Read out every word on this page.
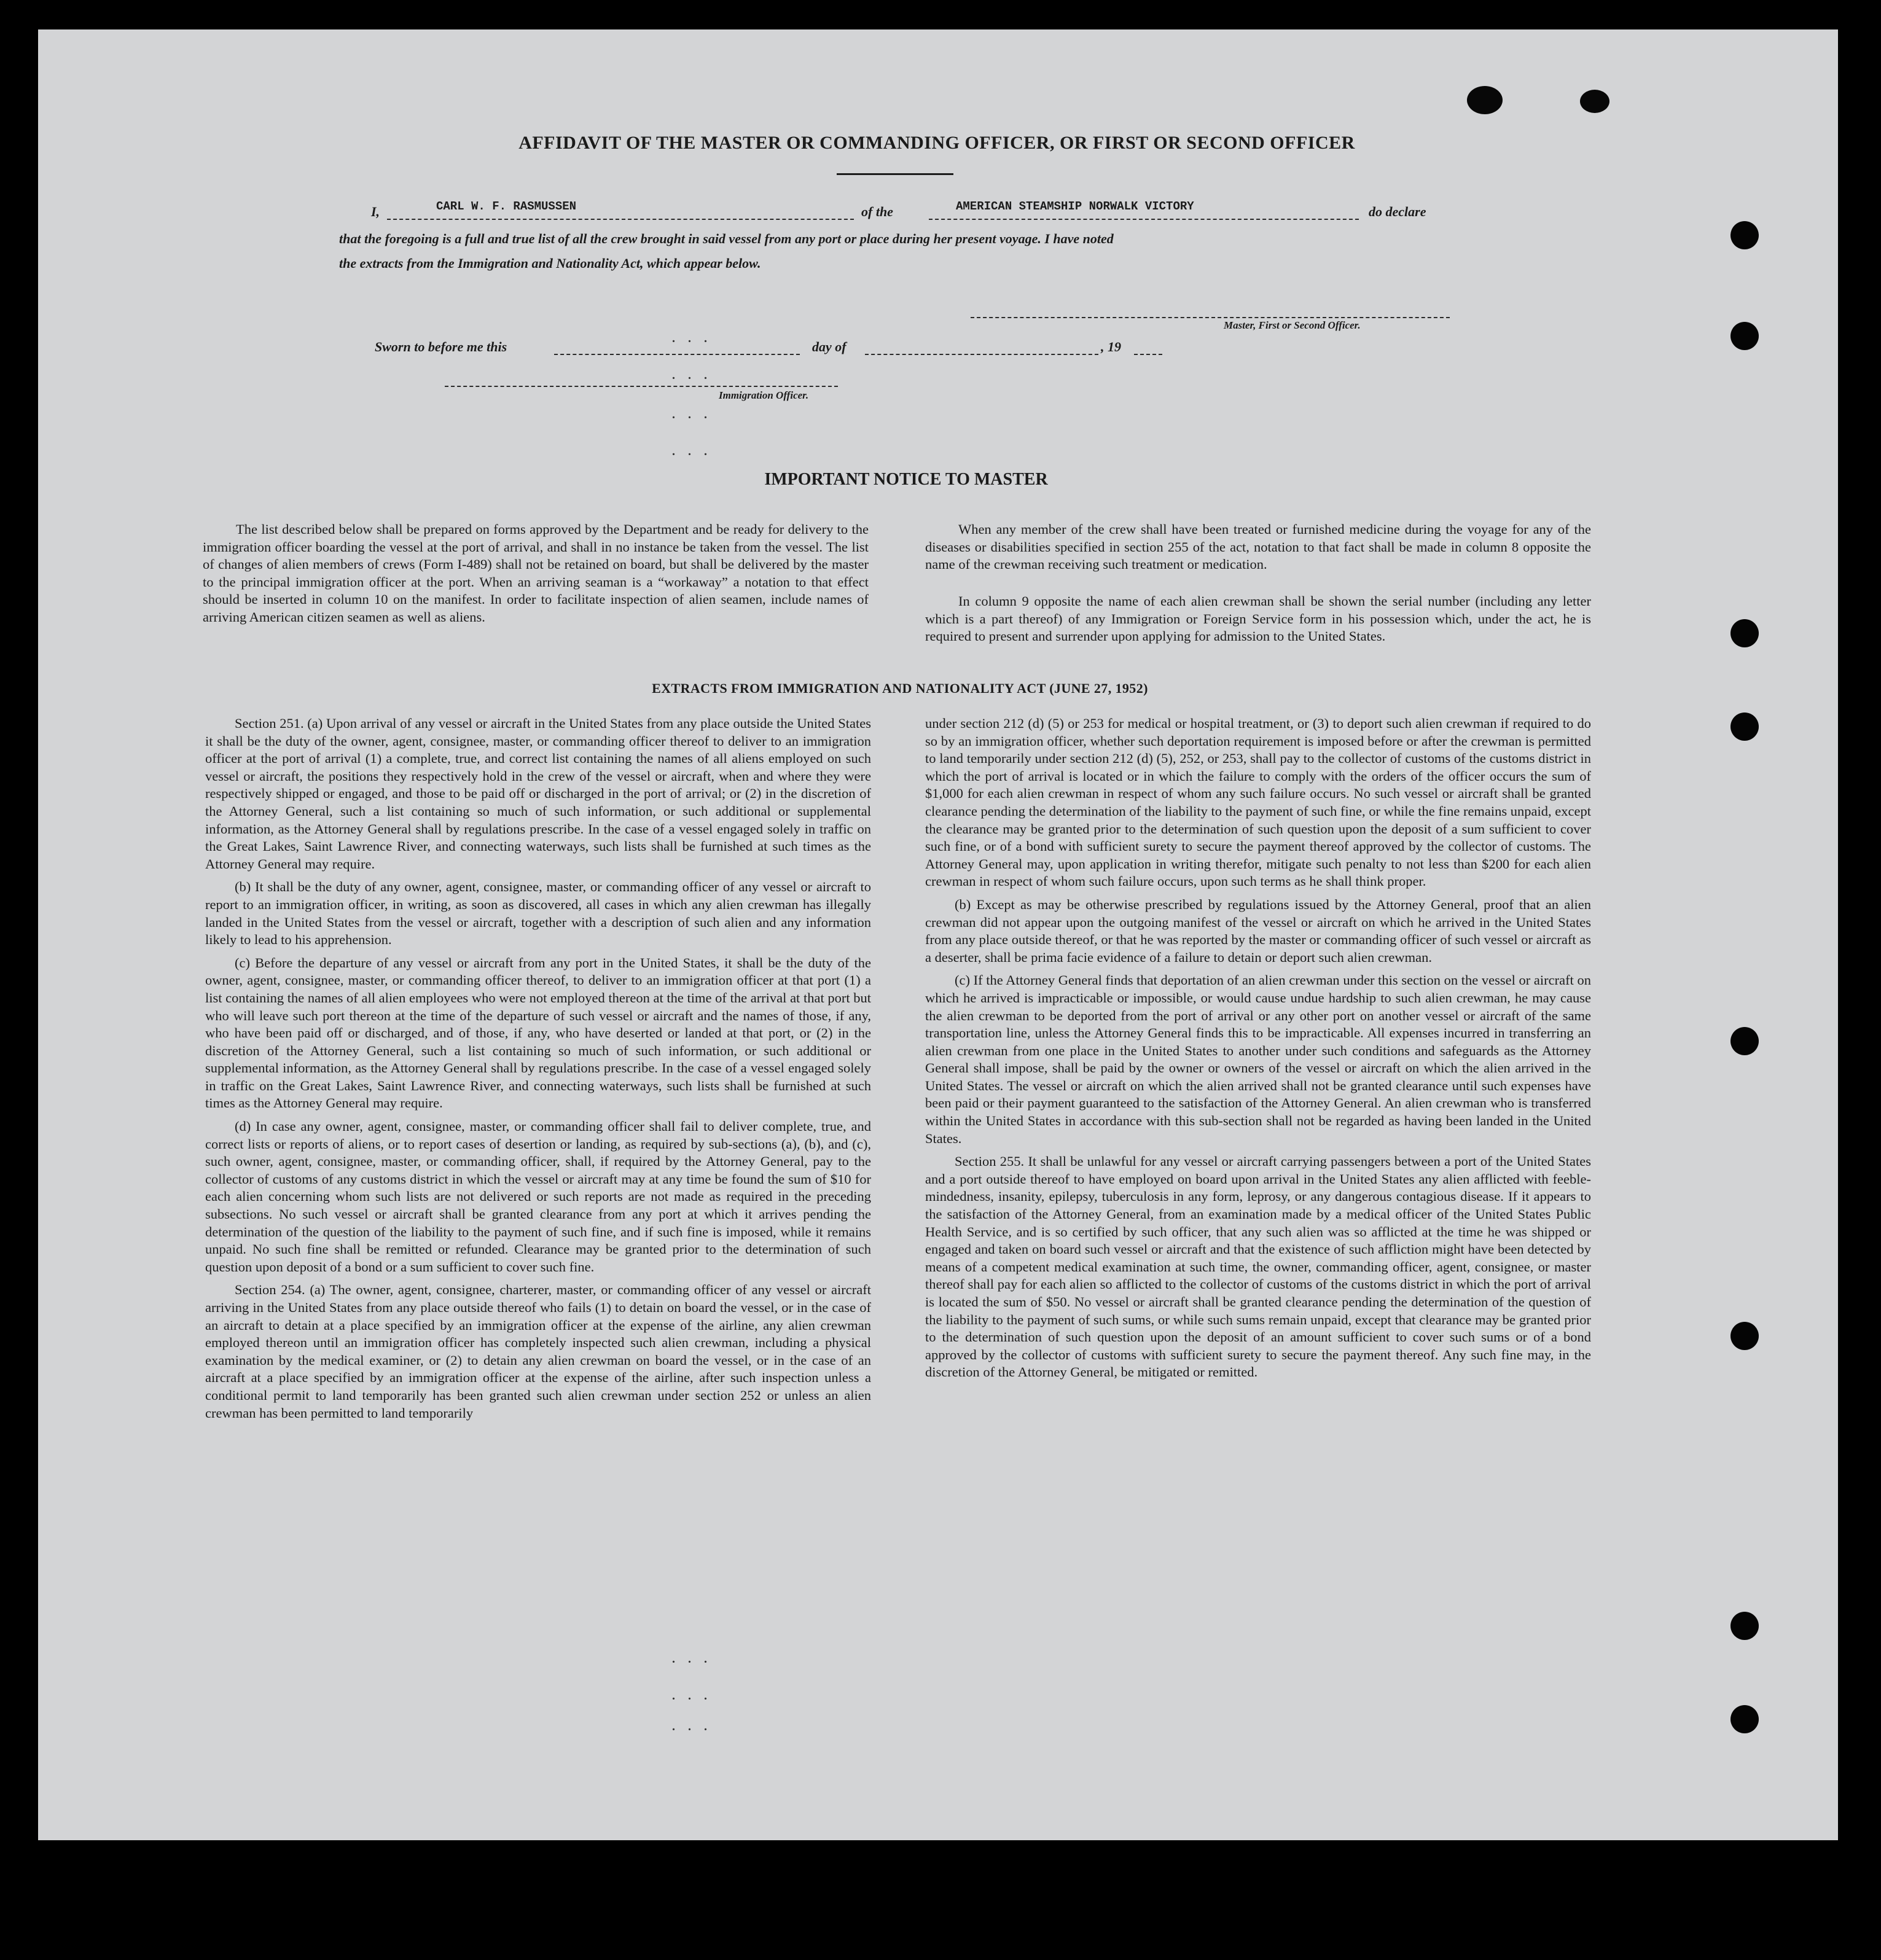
AFFIDAVIT OF THE MASTER OR COMMANDING OFFICER, OR FIRST OR SECOND OFFICER
I,	CARL W. F. RASMUSSEN	of the	AMERICAN STEAMSHIP NORWALK VICTORY	do declare
that the foregoing is a full and true list of all the crew brought in said vessel from any port or place during her present voyage. I have noted
the extracts from the Immigration and Nationality Act, which appear below.
Master, First or Second Officer.
Sworn to before me this	day of	, 19
Immigration Officer.
. . .
. . .
. . .
. . .
. . .
. . .
. . .
IMPORTANT NOTICE TO MASTER

The list described below shall be prepared on forms approved by the Department and be ready for delivery to the immigration officer boarding the vessel at the port of arrival, and shall in no instance be taken from the vessel. The list of changes of alien members of crews (Form I-489) shall not be retained on board, but shall be delivered by the master to the principal immigration officer at the port. When an arriving seaman is a “workaway” a notation to that effect should be inserted in column 10 on the manifest. In order to facilitate inspection of alien seamen, include names of arriving American citizen seamen as well as aliens.

When any member of the crew shall have been treated or furnished medicine during the voyage for any of the diseases or disabilities specified in section 255 of the act, notation to that fact shall be made in column 8 opposite the name of the crewman receiving such treatment or medication.

In column 9 opposite the name of each alien crewman shall be shown the serial number (including any letter which is a part thereof) of any Immigration or Foreign Service form in his possession which, under the act, he is required to present and surrender upon applying for admission to the United States.

EXTRACTS FROM IMMIGRATION AND NATIONALITY ACT (JUNE 27, 1952)

Section 251. (a) Upon arrival of any vessel or aircraft in the United States from any place outside the United States it shall be the duty of the owner, agent, consignee, master, or commanding officer thereof to deliver to an immigration officer at the port of arrival (1) a complete, true, and correct list containing the names of all aliens employed on such vessel or aircraft, the positions they respectively hold in the crew of the vessel or aircraft, when and where they were respectively shipped or engaged, and those to be paid off or discharged in the port of arrival; or (2) in the discretion of the Attorney General, such a list containing so much of such information, or such additional or supplemental information, as the Attorney General shall by regulations prescribe. In the case of a vessel engaged solely in traffic on the Great Lakes, Saint Lawrence River, and connecting waterways, such lists shall be furnished at such times as the Attorney General may require.

(b) It shall be the duty of any owner, agent, consignee, master, or commanding officer of any vessel or aircraft to report to an immigration officer, in writing, as soon as discovered, all cases in which any alien crewman has illegally landed in the United States from the vessel or aircraft, together with a description of such alien and any information likely to lead to his apprehension.

(c) Before the departure of any vessel or aircraft from any port in the United States, it shall be the duty of the owner, agent, consignee, master, or commanding officer thereof, to deliver to an immigration officer at that port (1) a list containing the names of all alien employees who were not employed thereon at the time of the arrival at that port but who will leave such port thereon at the time of the departure of such vessel or aircraft and the names of those, if any, who have been paid off or discharged, and of those, if any, who have deserted or landed at that port, or (2) in the discretion of the Attorney General, such a list containing so much of such information, or such additional or supplemental information, as the Attorney General shall by regulations prescribe. In the case of a vessel engaged solely in traffic on the Great Lakes, Saint Lawrence River, and connecting waterways, such lists shall be furnished at such times as the Attorney General may require.

(d) In case any owner, agent, consignee, master, or commanding officer shall fail to deliver complete, true, and correct lists or reports of aliens, or to report cases of desertion or landing, as required by sub-sections (a), (b), and (c), such owner, agent, consignee, master, or commanding officer, shall, if required by the Attorney General, pay to the collector of customs of any customs district in which the vessel or aircraft may at any time be found the sum of $10 for each alien concerning whom such lists are not delivered or such reports are not made as required in the preceding subsections. No such vessel or aircraft shall be granted clearance from any port at which it arrives pending the determination of the question of the liability to the payment of such fine, and if such fine is imposed, while it remains unpaid. No such fine shall be remitted or refunded. Clearance may be granted prior to the determination of such question upon deposit of a bond or a sum sufficient to cover such fine.

Section 254. (a) The owner, agent, consignee, charterer, master, or commanding officer of any vessel or aircraft arriving in the United States from any place outside thereof who fails (1) to detain on board the vessel, or in the case of an aircraft to detain at a place specified by an immigration officer at the expense of the airline, any alien crewman employed thereon until an immigration officer has completely inspected such alien crewman, including a physical examination by the medical examiner, or (2) to detain any alien crewman on board the vessel, or in the case of an aircraft at a place specified by an immigration officer at the expense of the airline, after such inspection unless a conditional permit to land temporarily has been granted such alien crewman under section 252 or unless an alien crewman has been permitted to land temporarily

under section 212 (d) (5) or 253 for medical or hospital treatment, or (3) to deport such alien crewman if required to do so by an immigration officer, whether such deportation requirement is imposed before or after the crewman is permitted to land temporarily under section 212 (d) (5), 252, or 253, shall pay to the collector of customs of the customs district in which the port of arrival is located or in which the failure to comply with the orders of the officer occurs the sum of $1,000 for each alien crewman in respect of whom any such failure occurs. No such vessel or aircraft shall be granted clearance pending the determination of the liability to the payment of such fine, or while the fine remains unpaid, except the clearance may be granted prior to the determination of such question upon the deposit of a sum sufficient to cover such fine, or of a bond with sufficient surety to secure the payment thereof approved by the collector of customs. The Attorney General may, upon application in writing therefor, mitigate such penalty to not less than $200 for each alien crewman in respect of whom such failure occurs, upon such terms as he shall think proper.

(b) Except as may be otherwise prescribed by regulations issued by the Attorney General, proof that an alien crewman did not appear upon the outgoing manifest of the vessel or aircraft on which he arrived in the United States from any place outside thereof, or that he was reported by the master or commanding officer of such vessel or aircraft as a deserter, shall be prima facie evidence of a failure to detain or deport such alien crewman.

(c) If the Attorney General finds that deportation of an alien crewman under this section on the vessel or aircraft on which he arrived is impracticable or impossible, or would cause undue hardship to such alien crewman, he may cause the alien crewman to be deported from the port of arrival or any other port on another vessel or aircraft of the same transportation line, unless the Attorney General finds this to be impracticable. All expenses incurred in transferring an alien crewman from one place in the United States to another under such conditions and safeguards as the Attorney General shall impose, shall be paid by the owner or owners of the vessel or aircraft on which the alien arrived in the United States. The vessel or aircraft on which the alien arrived shall not be granted clearance until such expenses have been paid or their payment guaranteed to the satisfaction of the Attorney General. An alien crewman who is transferred within the United States in accordance with this sub-section shall not be regarded as having been landed in the United States.

Section 255. It shall be unlawful for any vessel or aircraft carrying passengers between a port of the United States and a port outside thereof to have employed on board upon arrival in the United States any alien afflicted with feeble-mindedness, insanity, epilepsy, tuberculosis in any form, leprosy, or any dangerous contagious disease. If it appears to the satisfaction of the Attorney General, from an examination made by a medical officer of the United States Public Health Service, and is so certified by such officer, that any such alien was so afflicted at the time he was shipped or engaged and taken on board such vessel or aircraft and that the existence of such affliction might have been detected by means of a competent medical examination at such time, the owner, commanding officer, agent, consignee, or master thereof shall pay for each alien so afflicted to the collector of customs of the customs district in which the port of arrival is located the sum of $50. No vessel or aircraft shall be granted clearance pending the determination of the question of the liability to the payment of such sums, or while such sums remain unpaid, except that clearance may be granted prior to the determination of such question upon the deposit of an amount sufficient to cover such sums or of a bond approved by the collector of customs with sufficient surety to secure the payment thereof. Any such fine may, in the discretion of the Attorney General, be mitigated or remitted.
